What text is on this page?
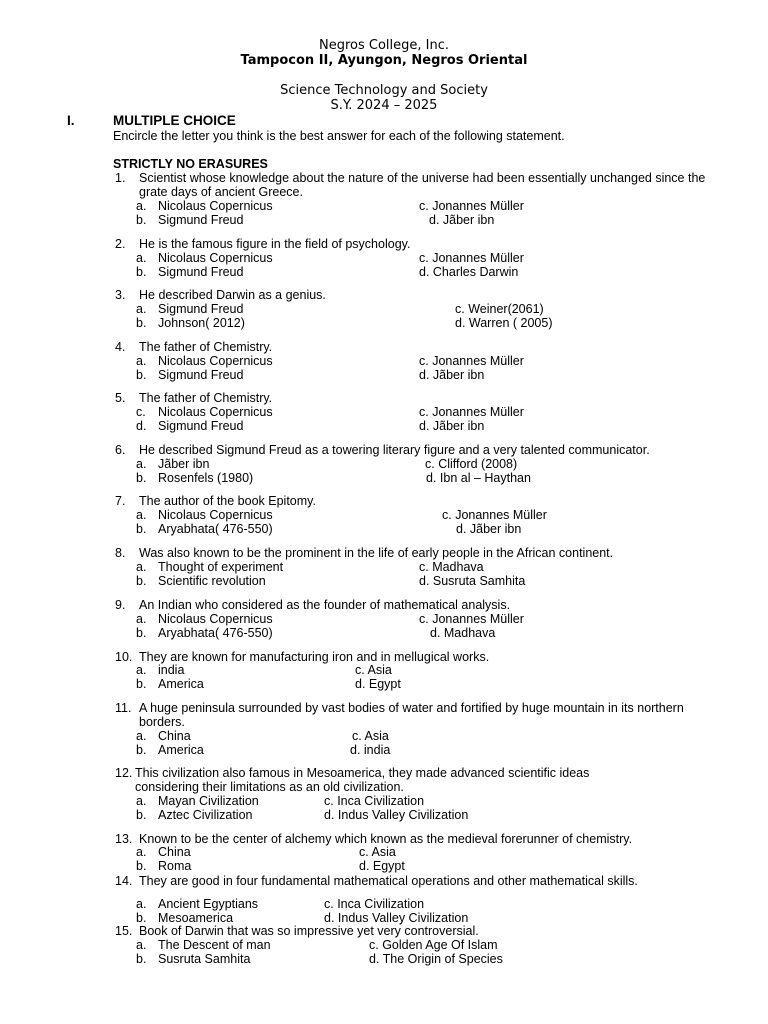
Negros College, Inc.
Tampocon II, Ayungon, Negros Oriental
Science Technology and Society
S.Y. 2024 – 2025
I.	MULTIPLE CHOICE
Encircle the letter you think is the best answer for each of the following statement.
STRICTLY NO ERASURES
1. Scientist whose knowledge about the nature of the universe had been essentially unchanged since the grate days of ancient Greece.
a. Nicolaus Copernicus
b. Sigmund Freud
c. Jonannes Müller
d. Jãber ibn
2. He is the famous figure in the field of psychology.
a. Nicolaus Copernicus
b. Sigmund Freud
c. Jonannes Müller
d. Charles Darwin
3. He described Darwin as a genius.
a. Sigmund Freud
b. Johnson( 2012)
c. Weiner(2061)
d. Warren ( 2005)
4. The father of Chemistry.
a. Nicolaus Copernicus
b. Sigmund Freud
c. Jonannes Müller
d. Jãber ibn
5. The father of Chemistry.
c. Nicolaus Copernicus
d. Sigmund Freud
c. Jonannes Müller
d. Jãber ibn
6. He described Sigmund Freud as a towering literary figure and a very talented communicator.
a. Jãber ibn
b. Rosenfels (1980)
c. Clifford (2008)
d. Ibn al – Haythan
7. The author of the book Epitomy.
a. Nicolaus Copernicus
b. Aryabhata( 476-550)
c. Jonannes Müller
d. Jãber ibn
8. Was also known to be the prominent in the life of early people in the African continent.
a. Thought of experiment
b. Scientific revolution
c. Madhava
d. Susruta Samhita
9. An Indian who considered as the founder of mathematical analysis.
a. Nicolaus Copernicus
b. Aryabhata( 476-550)
c. Jonannes Müller
d. Madhava
10. They are known for manufacturing iron and in mellugical works.
a. india
b. America
c. Asia
d. Egypt
11. A huge peninsula surrounded by vast bodies of water and fortified by huge mountain in its northern borders.
a. China
b. America
c. Asia
d. india
12. This civilization also famous in Mesoamerica, they made advanced scientific ideas considering their limitations as an old civilization.
a. Mayan Civilization
b. Aztec Civilization
c. Inca Civilization
d. Indus Valley Civilization
13. Known to be the center of alchemy which known as the medieval forerunner of chemistry.
a. China
b. Roma
c. Asia
d. Egypt
14. They are good in four fundamental mathematical operations and other mathematical skills.
a. Ancient Egyptians
b. Mesoamerica
c. Inca Civilization
d. Indus Valley Civilization
15. Book of Darwin that was so impressive yet very controversial.
a. The Descent of man
b. Susruta Samhita
c. Golden Age Of Islam
d. The Origin of Species
